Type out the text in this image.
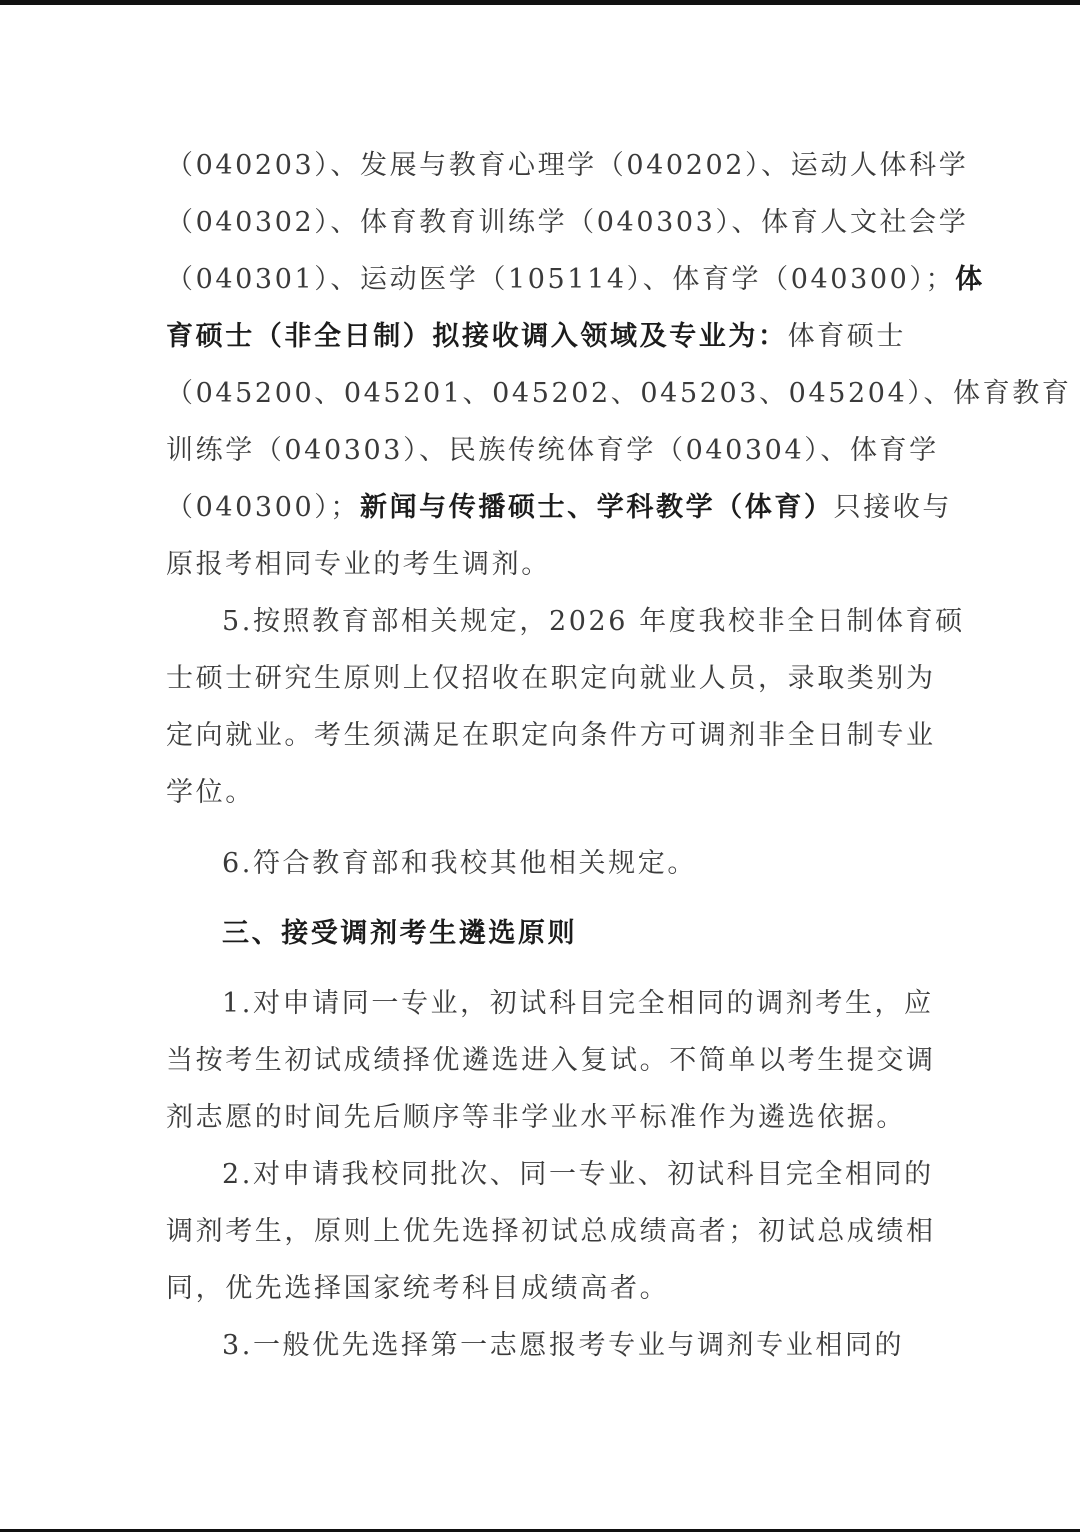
（040203）、发展与教育心理学（040202）、运动人体科学
（040302）、体育教育训练学（040303）、体育人文社会学
（040301）、运动医学（105114）、体育学（040300）；体
育硕士（非全日制）拟接收调入领域及专业为：体育硕士
（045200、045201、045202、045203、045204）、体育教育
训练学（040303）、民族传统体育学（040304）、体育学
（040300）；新闻与传播硕士、学科教学（体育）只接收与
原报考相同专业的考生调剂。
5.按照教育部相关规定，2026 年度我校非全日制体育硕
士硕士研究生原则上仅招收在职定向就业人员，录取类别为
定向就业。考生须满足在职定向条件方可调剂非全日制专业
学位。
6.符合教育部和我校其他相关规定。
三、接受调剂考生遴选原则
1.对申请同一专业，初试科目完全相同的调剂考生，应
当按考生初试成绩择优遴选进入复试。不简单以考生提交调
剂志愿的时间先后顺序等非学业水平标准作为遴选依据。
2.对申请我校同批次、同一专业、初试科目完全相同的
调剂考生，原则上优先选择初试总成绩高者；初试总成绩相
同，优先选择国家统考科目成绩高者。
3.一般优先选择第一志愿报考专业与调剂专业相同的
